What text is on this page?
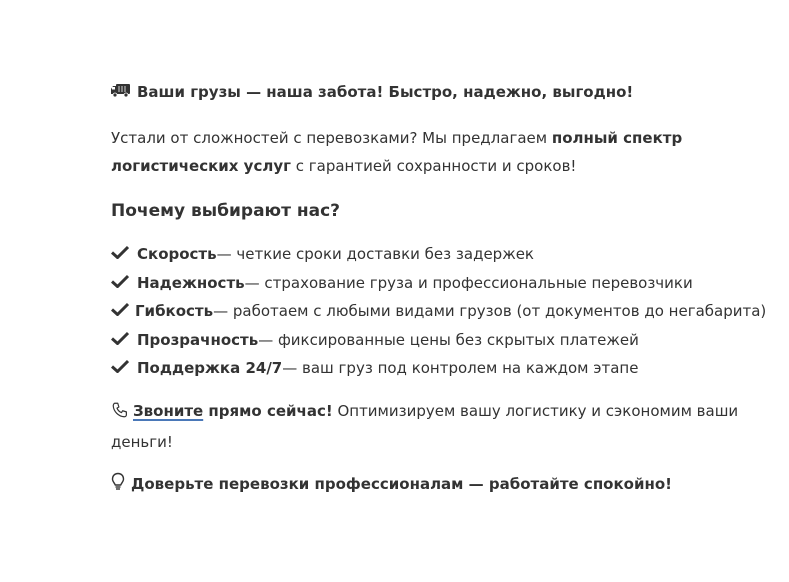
Ваши грузы — наша забота! Быстро, надежно, выгодно!

Устали от сложностей с перевозками? Мы предлагаем полный спектр логистических услуг с гарантией сохранности и сроков!

Почему выбирают нас?
Скорость — четкие сроки доставки без задержек
Надежность — страхование груза и профессиональные перевозчики
Гибкость — работаем с любыми видами грузов (от документов до негабарита)
Прозрачность — фиксированные цены без скрытых платежей
Поддержка 24/7 — ваш груз под контролем на каждом этапе

Звоните прямо сейчас! Оптимизируем вашу логистику и сэкономим ваши деньги!

Доверьте перевозки профессионалам — работайте спокойно!
